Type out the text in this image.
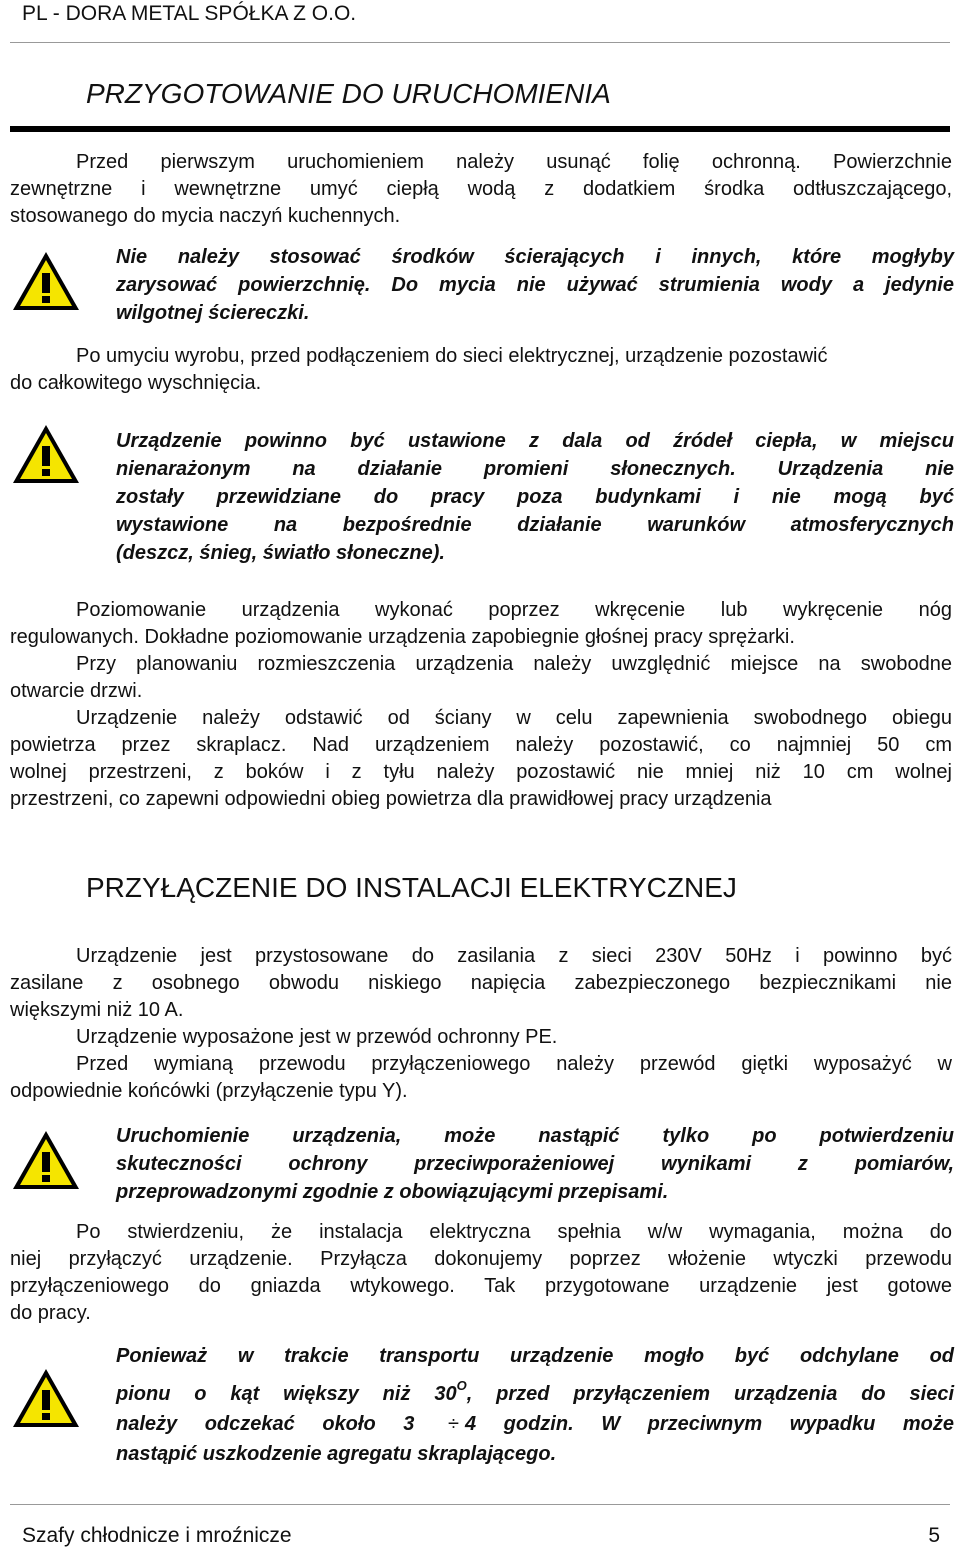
PL - DORA METAL SPÓŁKA Z O.O.
PRZYGOTOWANIE DO URUCHOMIENIA
Przed pierwszym uruchomieniem należy usunąć folię ochronną. Powierzchnie
zewnętrzne i wewnętrzne umyć ciepłą wodą z dodatkiem środka odtłuszczającego,
stosowanego do mycia naczyń kuchennych.
Nie należy stosować środków ścierających i innych, które mogłyby
zarysować powierzchnię. Do mycia nie używać strumienia wody a jedynie
wilgotnej ściereczki.
Po umyciu wyrobu, przed podłączeniem do sieci elektrycznej, urządzenie pozostawić
do całkowitego wyschnięcia.
Urządzenie powinno być ustawione z dala od źródeł ciepła, w miejscu
nienarażonym na działanie promieni słonecznych. Urządzenia nie
zostały przewidziane do pracy poza budynkami i nie mogą być
wystawione na bezpośrednie działanie warunków atmosferycznych
(deszcz, śnieg, światło słoneczne).
Poziomowanie urządzenia wykonać poprzez wkręcenie lub wykręcenie nóg
regulowanych. Dokładne poziomowanie urządzenia zapobiegnie głośnej pracy sprężarki.
Przy planowaniu rozmieszczenia urządzenia należy uwzględnić miejsce na swobodne
otwarcie drzwi.
Urządzenie należy odstawić od ściany w celu zapewnienia swobodnego obiegu
powietrza przez skraplacz. Nad urządzeniem należy pozostawić, co najmniej 50 cm
wolnej przestrzeni, z boków i z tyłu należy pozostawić nie mniej niż 10 cm wolnej
przestrzeni, co zapewni odpowiedni obieg powietrza dla prawidłowej pracy urządzenia
PRZYŁĄCZENIE DO INSTALACJI ELEKTRYCZNEJ
Urządzenie jest przystosowane do zasilania z sieci 230V 50Hz i powinno być
zasilane z osobnego obwodu niskiego napięcia zabezpieczonego bezpiecznikami nie
większymi niż 10 A.
Urządzenie wyposażone jest w przewód ochronny PE.
Przed wymianą przewodu przyłączeniowego należy przewód giętki wyposażyć w
odpowiednie końcówki (przyłączenie typu Y).
Uruchomienie urządzenia, może nastąpić tylko po potwierdzeniu
skuteczności ochrony przeciwporażeniowej wynikami z pomiarów,
przeprowadzonymi zgodnie z obowiązującymi przepisami.
Po stwierdzeniu, że instalacja elektryczna spełnia w/w wymagania, można do
niej przyłączyć urządzenie. Przyłącza dokonujemy poprzez włożenie wtyczki przewodu
przyłączeniowego do gniazda wtykowego. Tak przygotowane urządzenie jest gotowe
do pracy.
Ponieważ w trakcie transportu urządzenie mogło być odchylane od
pionu o kąt większy niż $30^O$, przed przyłączeniem urządzenia do sieci
należy odczekać około 3 ÷ 4 godzin. W przeciwnym wypadku może
nastąpić uszkodzenie agregatu skraplającego.
Szafy chłodnicze i mroźnicze	5
